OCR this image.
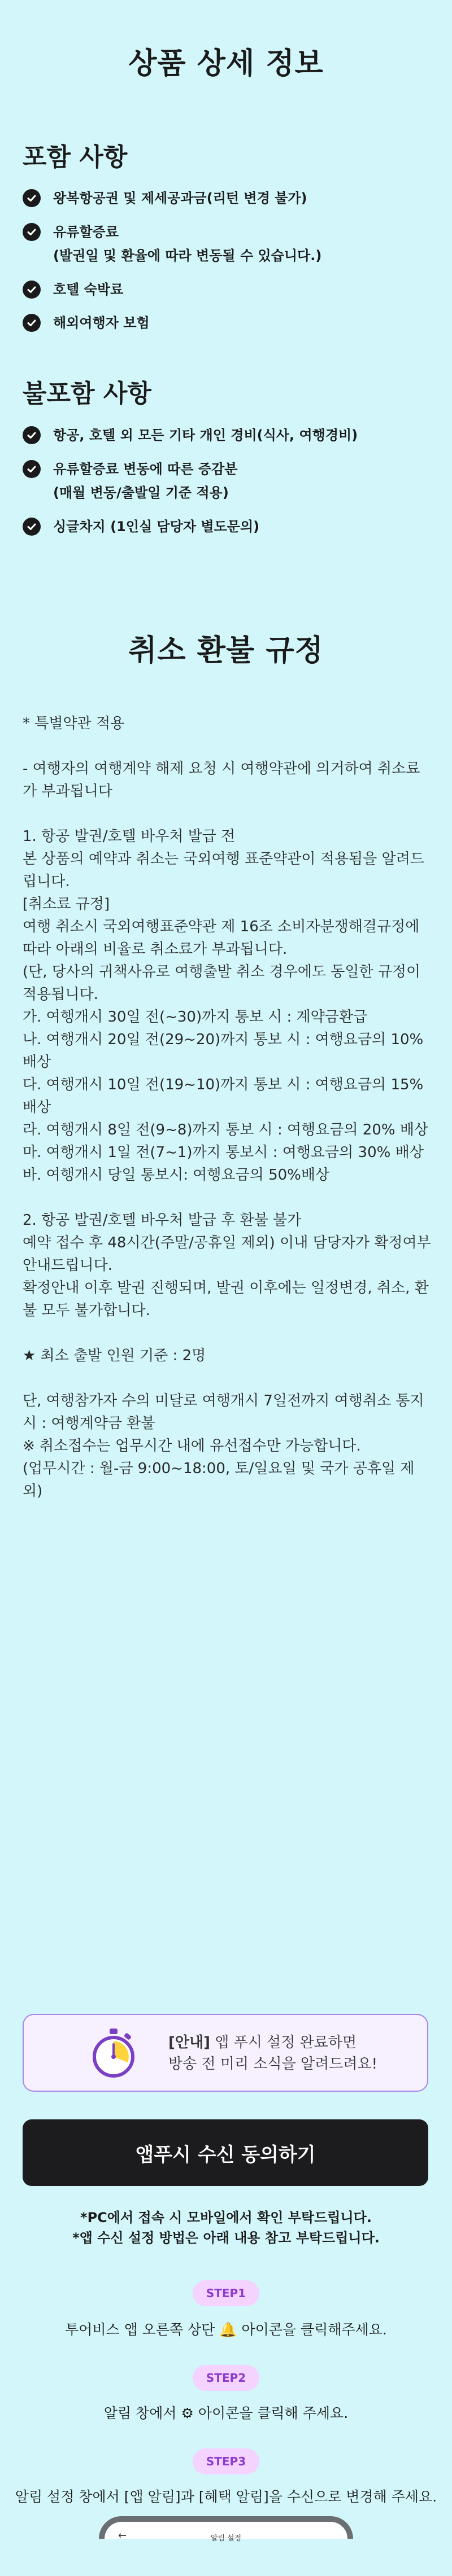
상품 상세 정보
포함 사항
왕복항공권 및 제세공과금(리턴 변경 불가)
유류할증료
(발권일 및 환율에 따라 변동될 수 있습니다.)
호텔 숙박료
해외여행자 보험
불포함 사항
항공, 호텔 외 모든 기타 개인 경비(식사, 여행경비)
유류할증료 변동에 따른 증감분
(매월 변동/출발일 기준 적용)
싱글차지 (1인실 담당자 별도문의)
취소 환불 규정
* 특별약관 적용

- 여행자의 여행계약 해제 요청 시 여행약관에 의거하여 취소료가 부과됩니다

1. 항공 발권/호텔 바우처 발급 전
본 상품의 예약과 취소는 국외여행 표준약관이 적용됨을 알려드립니다.
[취소료 규정]
여행 취소시 국외여행표준약관 제 16조 소비자분쟁해결규정에 따라 아래의 비율로 취소료가 부과됩니다.
(단, 당사의 귀책사유로 여행출발 취소 경우에도 동일한 규정이 적용됩니다.
가. 여행개시 30일 전(~30)까지 통보 시 : 계약금환급
나. 여행개시 20일 전(29~20)까지 통보 시 : 여행요금의 10% 배상
다. 여행개시 10일 전(19~10)까지 통보 시 : 여행요금의 15% 배상
라. 여행개시 8일 전(9~8)까지 통보 시 : 여행요금의 20% 배상
마. 여행개시 1일 전(7~1)까지 통보시 : 여행요금의 30% 배상
바. 여행개시 당일 통보시: 여행요금의 50%배상

2. 항공 발권/호텔 바우처 발급 후 환불 불가
예약 접수 후 48시간(주말/공휴일 제외) 이내 담당자가 확정여부 안내드립니다.
확정안내 이후 발권 진행되며, 발권 이후에는 일정변경, 취소, 환불 모두 불가합니다.

★ 최소 출발 인원 기준 : 2명

단, 여행참가자 수의 미달로 여행개시 7일전까지 여행취소 통지시 : 여행계약금 환불
※ 취소접수는 업무시간 내에 유선접수만 가능합니다.
(업무시간 : 월-금 9:00~18:00, 토/일요일 및 국가 공휴일 제외)
[안내] 앱 푸시 설정 완료하면
방송 전 미리 소식을 알려드려요!
앱푸시 수신 동의하기
*PC에서 접속 시 모바일에서 확인 부탁드립니다.
*앱 수신 설정 방법은 아래 내용 참고 부탁드립니다.
STEP1
투어비스 앱 오른쪽 상단 🔔 아이콘을 클릭해주세요.
STEP2
알림 창에서 ⚙ 아이콘을 클릭해 주세요.
STEP3
알림 설정 창에서 [앱 알림]과 [혜택 알림]을 수신으로 변경해 주세요.
←	알림 설정
